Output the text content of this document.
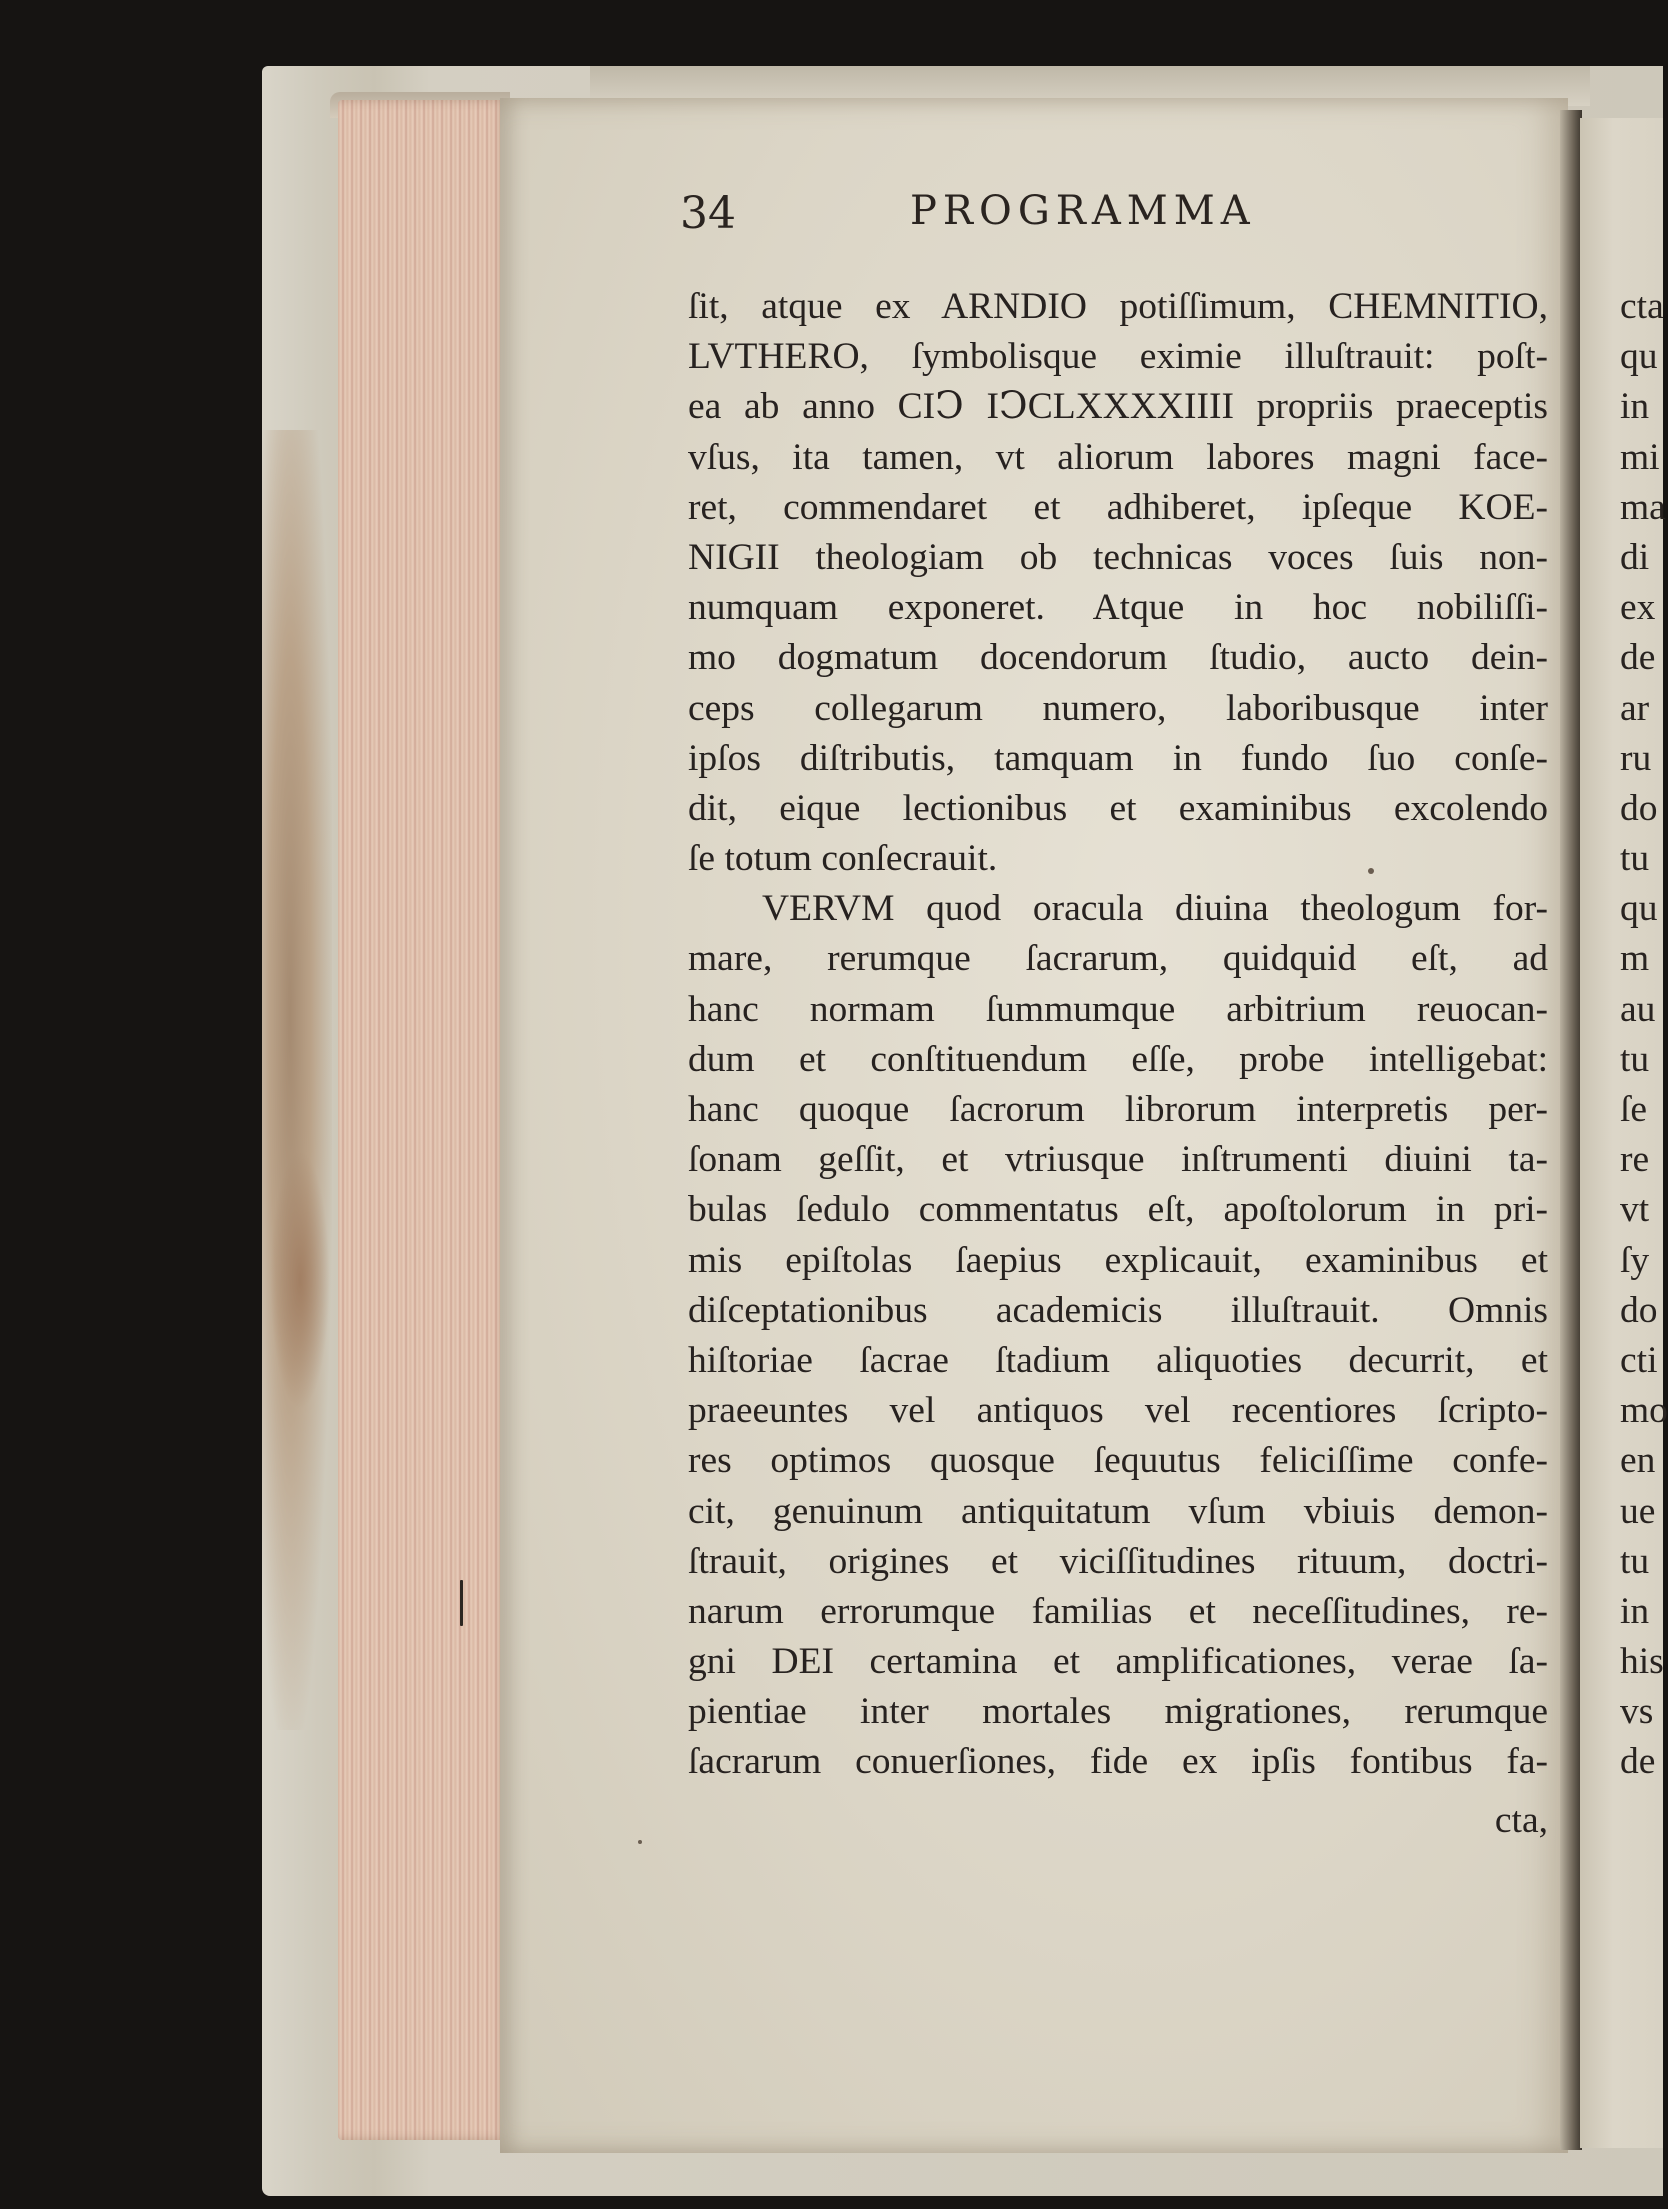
34	PROGRAMMA

ſit, atque ex ARNDIO potiſſimum, CHEMNITIO,
LVTHERO, ſymbolisque eximie illuſtrauit: poſt-
ea ab anno CIↃ IↃCLXXXXIIII propriis praeceptis
vſus, ita tamen, vt aliorum labores magni face-
ret, commendaret et adhiberet, ipſeque KOE-
NIGII theologiam ob technicas voces ſuis non-
numquam exponeret. Atque in hoc nobiliſſi-
mo dogmatum docendorum ſtudio, aucto dein-
ceps collegarum numero, laboribusque inter
ipſos diſtributis, tamquam in fundo ſuo conſe-
dit, eique lectionibus et examinibus excolendo
ſe totum conſecrauit.
VERVM quod oracula diuina theologum for-
mare, rerumque ſacrarum, quidquid eſt, ad
hanc normam ſummumque arbitrium reuocan-
dum et conſtituendum eſſe, probe intelligebat:
hanc quoque ſacrorum librorum interpretis per-
ſonam geſſit, et vtriusque inſtrumenti diuini ta-
bulas ſedulo commentatus eſt, apoſtolorum in pri-
mis epiſtolas ſaepius explicauit, examinibus et
diſceptationibus academicis illuſtrauit. Omnis
hiſtoriae ſacrae ſtadium aliquoties decurrit, et
praeeuntes vel antiquos vel recentiores ſcripto-
res optimos quosque ſequutus feliciſſime confe-
cit, genuinum antiquitatum vſum vbiuis demon-
ſtrauit, origines et viciſſitudines rituum, doctri-
narum errorumque familias et neceſſitudines, re-
gni DEI certamina et amplificationes, verae ſa-
pientiae inter mortales migrationes, rerumque
ſacrarum conuerſiones, fide ex ipſis fontibus fa-
cta,
cta
qu
in
mi
ma
di
ex
de
ar
ru
do
tu
qu
m
au
tu
ſe
re
vt
ſy
do
cti
mo
en
ue
tu
in
his
vs
de
